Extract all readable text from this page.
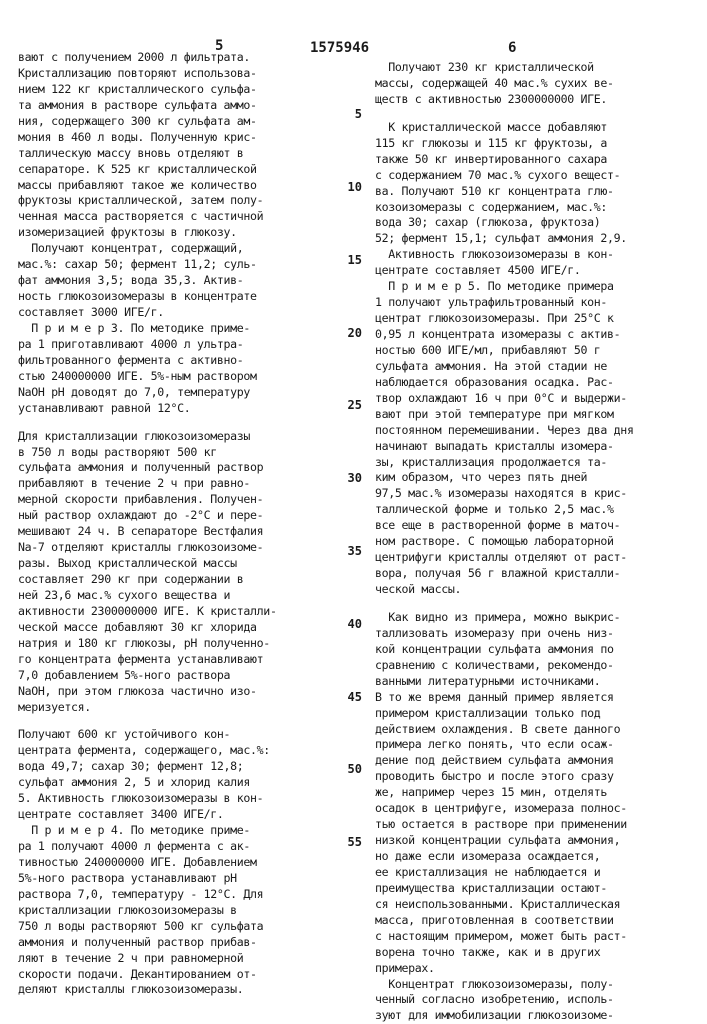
5	1575946	6
вают с получением 2000 л фильтрата.
Кристаллизацию повторяют использова-
нием 122 кг кристаллического сульфа-
та аммония в растворе сульфата аммо-
ния, содержащего 300 кг сульфата ам-
мония в 460 л воды. Полученную крис-
таллическую массу вновь отделяют в
сепараторе. К 525 кг кристаллической
массы прибавляют такое же количество
фруктозы кристаллической, затем полу-
ченная масса растворяется с частичной
изомеризацией фруктозы в глюкозу.
Получают концентрат, содержащий,
мас.%: сахар 50; фермент 11,2; суль-
фат аммония 3,5; вода 35,3. Актив-
ность глюкозоизомеразы в концентрате
составляет 3000 ИГЕ/г.
П р и м е р 3. По методике приме-
ра 1 приготавливают 4000 л ультра-
фильтрованного фермента с активно-
стью 240000000 ИГЕ. 5%-ным раствором
NaOH pH доводят до 7,0, температуру
устанавливают равной 12°С.
Для кристаллизации глюкозоизомеразы
в 750 л воды растворяют 500 кг
сульфата аммония и полученный раствор
прибавляют в течение 2 ч при равно-
мерной скорости прибавления. Получен-
ный раствор охлаждают до -2°С и пере-
мешивают 24 ч. В сепараторе Вестфалия
Nа-7 отделяют кристаллы глюкозоизоме-
разы. Выход кристаллической массы
составляет 290 кг при содержании в
ней 23,6 мас.% сухого вещества и
активности 2300000000 ИГЕ. К кристалли-
ческой массе добавляют 30 кг хлорида
натрия и 180 кг глюкозы, pH полученно-
го концентрата фермента устанавливают
7,0 добавлением 5%-ного раствора
NaOH, при этом глюкоза частично изо-
меризуется.
Получают 600 кг устойчивого кон-
центрата фермента, содержащего, мас.%:
вода 49,7; сахар 30; фермент 12,8;
сульфат аммония 2, 5 и хлорид калия
5. Активность глюкозоизомеразы в кон-
центрате составляет 3400 ИГЕ/г.
П р и м е р 4. По методике приме-
ра 1 получают 4000 л фермента с ак-
тивностью 240000000 ИГЕ. Добавлением
5%-ного раствора устанавливают pH
раствора 7,0, температуру - 12°С. Для
кристаллизации глюкозоизомеразы в
750 л воды растворяют 500 кг сульфата
аммония и полученный раствор прибав-
ляют в течение 2 ч при равномерной
скорости подачи. Декантированием от-
деляют кристаллы глюкозоизомеразы.
Получают 230 кг кристаллической
массы, содержащей 40 мас.% сухих ве-
ществ с активностью 2300000000 ИГЕ.
К кристаллической массе добавляют
115 кг глюкозы и 115 кг фруктозы, а
также 50 кг инвертированного сахара
с содержанием 70 мас.% сухого вещест-
ва. Получают 510 кг концентрата глю-
козоизомеразы с содержанием, мас.%:
вода 30; сахар (глюкоза, фруктоза)
52; фермент 15,1; сульфат аммония 2,9.
Активность глюкозоизомеразы в кон-
центрате составляет 4500 ИГЕ/г.
П р и м е р 5. По методике примера
1 получают ультрафильтрованный кон-
центрат глюкозоизомеразы. При 25°С к
0,95 л концентрата изомеразы с актив-
ностью 600 ИГЕ/мл, прибавляют 50 г
сульфата аммония. На этой стадии не
наблюдается образования осадка. Рас-
твор охлаждают 16 ч при 0°С и выдержи-
вают при этой температуре при мягком
постоянном перемешивании. Через два дня
начинают выпадать кристаллы изомера-
зы, кристаллизация продолжается та-
ким образом, что через пять дней
97,5 мас.% изомеразы находятся в крис-
таллической форме и только 2,5 мас.%
все еще в растворенной форме в маточ-
ном растворе. С помощью лабораторной
центрифуги кристаллы отделяют от раст-
вора, получая 56 г влажной кристалли-
ческой массы.
Как видно из примера, можно выкрис-
таллизовать изомеразу при очень низ-
кой концентрации сульфата аммония по
сравнению с количествами, рекомендо-
ванными литературными источниками.
В то же время данный пример является
примером кристаллизации только под
действием охлаждения. В свете данного
примера легко понять, что если осаж-
дение под действием сульфата аммония
проводить быстро и после этого сразу
же, например через 15 мин, отделять
осадок в центрифуге, изомераза полнос-
тью остается в растворе при применении
низкой концентрации сульфата аммония,
но даже если изомераза осаждается,
ее кристаллизация не наблюдается и
преимущества кристаллизации остают-
ся неиспользованными. Кристаллическая
масса, приготовленная в соответствии
с настоящим примером, может быть раст-
ворена точно также, как и в других
примерах.
Концентрат глюкозоизомеразы, полу-
ченный согласно изобретению, исполь-
зуют для иммобилизации глюкозоизоме-
5
10
15
20
25
30
35
40
45
50
55
